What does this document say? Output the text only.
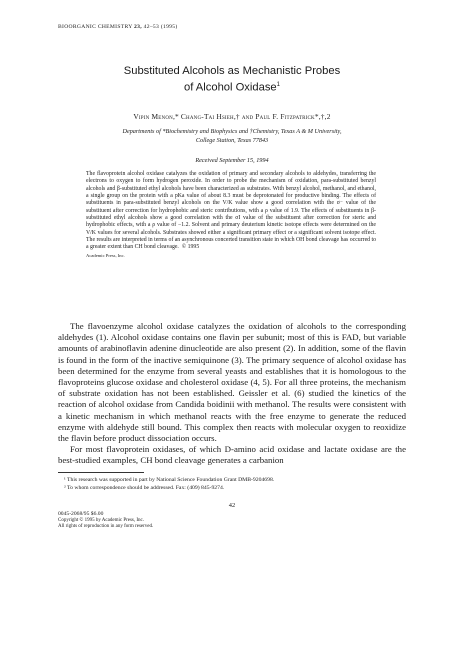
BIOORGANIC CHEMISTRY 23, 42–53 (1995)
Substituted Alcohols as Mechanistic Probes
of Alcohol Oxidase$^1$
Vipin Menon,* Chang-Tai Hsieh,† and Paul F. Fitzpatrick*,†,2
Departments of *Biochemistry and Biophysics and †Chemistry, Texas A & M University,
College Station, Texas 77843
Received September 15, 1994

The flavoprotein alcohol oxidase catalyzes the oxidation of primary and secondary alcohols to aldehydes, transferring the electrons to oxygen to form hydrogen peroxide. In order to probe the mechanism of oxidation, para-substituted benzyl alcohols and β-substituted ethyl alcohols have been characterized as substrates. With benzyl alcohol, methanol, and ethanol, a single group on the protein with a pKa value of about 8.3 must be deprotonated for productive binding. The effects of substituents in para-substituted benzyl alcohols on the V/K value show a good correlation with the σ⁻ value of the substituent after correction for hydrophobic and steric contributions, with a ρ value of 1.9. The effects of substituents in β-substituted ethyl alcohols show a good correlation with the σI value of the substituent after correction for steric and hydrophobic effects, with a ρ value of −1.2. Solvent and primary deuterium kinetic isotope effects were determined on the V/K values for several alcohols. Substrates showed either a significant primary effect or a significant solvent isotope effect. The results are interpreted in terms of an asynchronous concerted transition state in which OH bond cleavage has occurred to a greater extent than CH bond cleavage. © 1995

Academic Press, Inc.

The flavoenzyme alcohol oxidase catalyzes the oxidation of alcohols to the corresponding aldehydes (1). Alcohol oxidase contains one flavin per subunit; most of this is FAD, but variable amounts of arabinoflavin adenine dinucleotide are also present (2). In addition, some of the flavin is found in the form of the inactive semiquinone (3). The primary sequence of alcohol oxidase has been determined for the enzyme from several yeasts and establishes that it is homologous to the flavoproteins glucose oxidase and cholesterol oxidase (4, 5). For all three proteins, the mechanism of substrate oxidation has not been established. Geissler et al. (6) studied the kinetics of the reaction of alcohol oxidase from Candida boidinii with methanol. The results were consistent with a kinetic mechanism in which methanol reacts with the free enzyme to generate the reduced enzyme with aldehyde still bound. This complex then reacts with molecular oxygen to reoxidize the flavin before product dissociation occurs.

For most flavoprotein oxidases, of which D-amino acid oxidase and lactate oxidase are the best-studied examples, CH bond cleavage generates a carbanion

¹ This research was supported in part by National Science Foundation Grant DMB-9204698.

² To whom correspondence should be addressed. Fax: (409) 845-9274.

42
0045-2068/95 $6.00
Copyright © 1995 by Academic Press, Inc.
All rights of reproduction in any form reserved.
